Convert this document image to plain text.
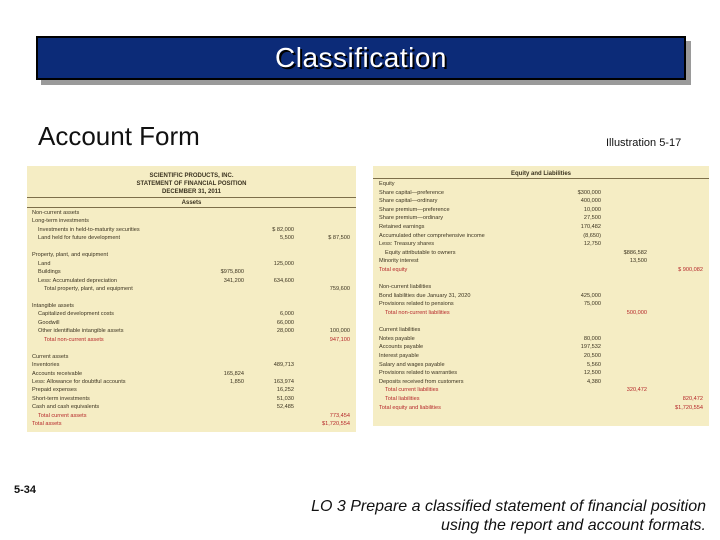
Classification
Account Form	Illustration 5-17
SCIENTIFIC PRODUCTS, INC.
STATEMENT OF FINANCIAL POSITION
DECEMBER 31, 2011
Assets
Non-current assets
Long-term investments
Investments in held-to-maturity securities	$ 82,000
Land held for future development	5,500	$ 87,500
Property, plant, and equipment
Land	125,000
Buildings	$975,800
Less: Accumulated depreciation	341,200	634,600
Total property, plant, and equipment	759,600
Intangible assets
Capitalized development costs	6,000
Goodwill	66,000
Other identifiable intangible assets	28,000	100,000
Total non-current assets	947,100
Current assets
Inventories	489,713
Accounts receivable	165,824
Less: Allowance for doubtful accounts	1,850	163,974
Prepaid expenses	16,252
Short-term investments	51,030
Cash and cash equivalents	52,485
Total current assets	773,454
Total assets	$1,720,554
Equity and Liabilities
Equity
Share capital—preference	$300,000
Share capital—ordinary	400,000
Share premium—preference	10,000
Share premium—ordinary	27,500
Retained earnings	170,482
Accumulated other comprehensive income	(8,650)
Less: Treasury shares	12,750
Equity attributable to owners	$886,582
Minority interest	13,500
Total equity	$ 900,082
Non-current liabilities
Bond liabilities due January 31, 2020	425,000
Provisions related to pensions	75,000
Total non-current liabilities	500,000
Current liabilities
Notes payable	80,000
Accounts payable	197,532
Interest payable	20,500
Salary and wages payable	5,560
Provisions related to warranties	12,500
Deposits received from customers	4,380
Total current liabilities	320,472
Total liabilities	820,472
Total equity and liabilities	$1,720,554
5-34
LO 3 Prepare a classified statement of financial position
using the report and account formats.
